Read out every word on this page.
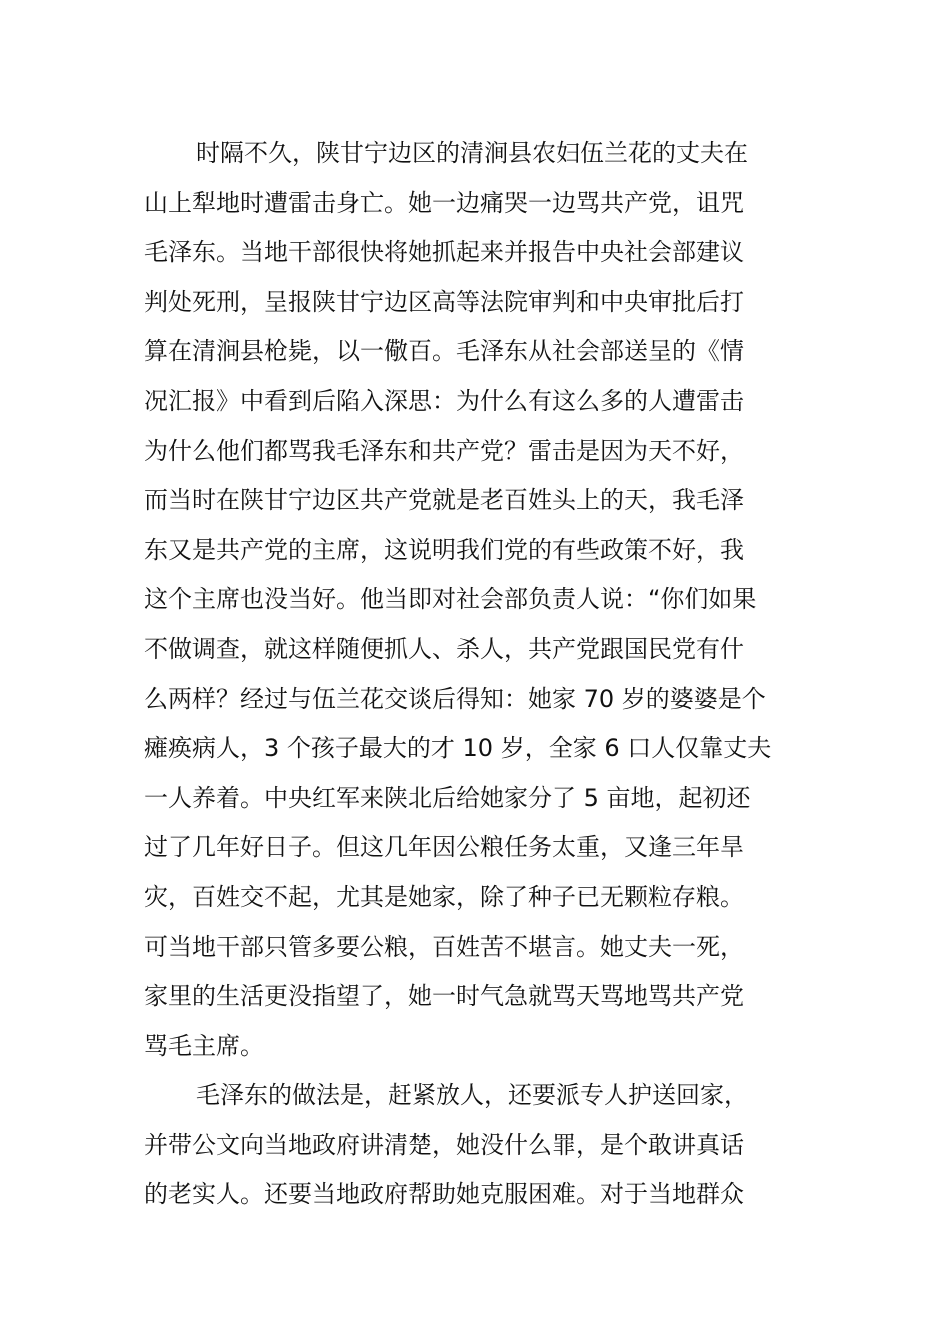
时隔不久，陕甘宁边区的清涧县农妇伍兰花的丈夫在
山上犁地时遭雷击身亡。她一边痛哭一边骂共产党，诅咒
毛泽东。当地干部很快将她抓起来并报告中央社会部建议
判处死刑，呈报陕甘宁边区高等法院审判和中央审批后打
算在清涧县枪毙，以一儆百。毛泽东从社会部送呈的《情
况汇报》中看到后陷入深思：为什么有这么多的人遭雷击
为什么他们都骂我毛泽东和共产党？雷击是因为天不好，
而当时在陕甘宁边区共产党就是老百姓头上的天，我毛泽
东又是共产党的主席，这说明我们党的有些政策不好，我
这个主席也没当好。他当即对社会部负责人说：“你们如果
不做调查，就这样随便抓人、杀人，共产党跟国民党有什
么两样？经过与伍兰花交谈后得知：她家 70 岁的婆婆是个
瘫痪病人，3 个孩子最大的才 10 岁，全家 6 口人仅靠丈夫
一人养着。中央红军来陕北后给她家分了 5 亩地，起初还
过了几年好日子。但这几年因公粮任务太重，又逢三年旱
灾，百姓交不起，尤其是她家，除了种子已无颗粒存粮。
可当地干部只管多要公粮，百姓苦不堪言。她丈夫一死，
家里的生活更没指望了，她一时气急就骂天骂地骂共产党
骂毛主席。
毛泽东的做法是，赶紧放人，还要派专人护送回家，
并带公文向当地政府讲清楚，她没什么罪，是个敢讲真话
的老实人。还要当地政府帮助她克服困难。对于当地群众
